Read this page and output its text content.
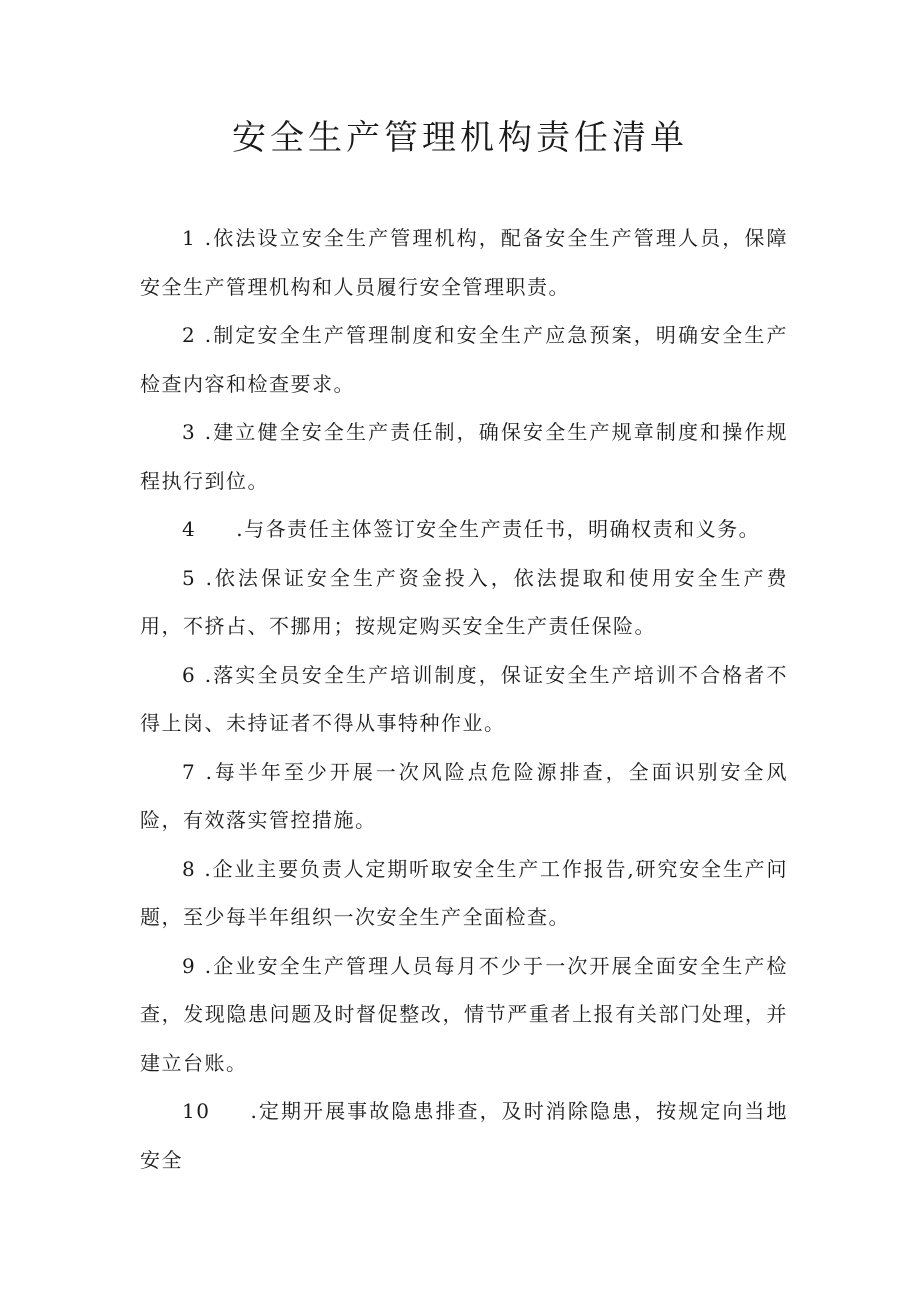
安全生产管理机构责任清单

1 .依法设立安全生产管理机构，配备安全生产管理人员，保障安全生产管理机构和人员履行安全管理职责。

2 .制定安全生产管理制度和安全生产应急预案，明确安全生产检查内容和检查要求。

3 .建立健全安全生产责任制，确保安全生产规章制度和操作规程执行到位。

4 .与各责任主体签订安全生产责任书，明确权责和义务。

5 .依法保证安全生产资金投入，依法提取和使用安全生产费用，不挤占、不挪用；按规定购买安全生产责任保险。

6 .落实全员安全生产培训制度，保证安全生产培训不合格者不得上岗、未持证者不得从事特种作业。

7 .每半年至少开展一次风险点危险源排查，全面识别安全风险，有效落实管控措施。

8 .企业主要负责人定期听取安全生产工作报告,研究安全生产问题，至少每半年组织一次安全生产全面检查。

9 .企业安全生产管理人员每月不少于一次开展全面安全生产检查，发现隐患问题及时督促整改，情节严重者上报有关部门处理，并建立台账。

10 .定期开展事故隐患排查，及时消除隐患，按规定向当地安全
